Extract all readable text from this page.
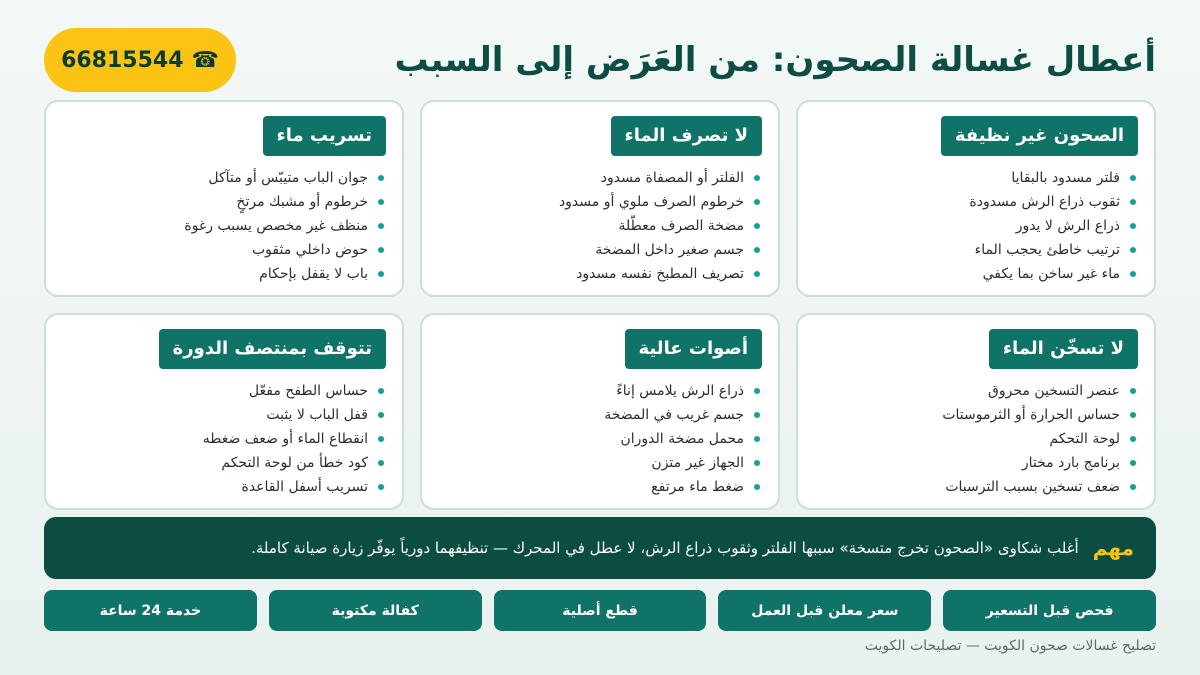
أعطال غسالة الصحون: من العَرَض إلى السبب
☎
66815544
الصحون غير نظيفة
فلتر مسدود بالبقايا
ثقوب ذراع الرش مسدودة
ذراع الرش لا يدور
ترتيب خاطئ يحجب الماء
ماء غير ساخن بما يكفي
لا تصرف الماء
الفلتر أو المصفاة مسدود
خرطوم الصرف ملوي أو مسدود
مضخة الصرف معطّلة
جسم صغير داخل المضخة
تصريف المطبخ نفسه مسدود
تسريب ماء
جوان الباب متيبّس أو متآكل
خرطوم أو مشبك مرتخٍ
منظف غير مخصص يسبب رغوة
حوض داخلي مثقوب
باب لا يقفل بإحكام
لا تسخّن الماء
عنصر التسخين محروق
حساس الحرارة أو الثرموستات
لوحة التحكم
برنامج بارد مختار
ضعف تسخين بسبب الترسبات
أصوات عالية
ذراع الرش يلامس إناءً
جسم غريب في المضخة
محمل مضخة الدوران
الجهاز غير متزن
ضغط ماء مرتفع
تتوقف بمنتصف الدورة
حساس الطفح مفعّل
قفل الباب لا يثبت
انقطاع الماء أو ضعف ضغطه
كود خطأ من لوحة التحكم
تسريب أسفل القاعدة
مهم
أغلب شكاوى «الصحون تخرج متسخة» سببها الفلتر وثقوب ذراع الرش، لا عطل في المحرك — تنظيفهما دورياً يوفّر زيارة صيانة كاملة.
فحص قبل التسعير
سعر معلن قبل العمل
قطع أصلية
كفالة مكتوبة
خدمة 24 ساعة
تصليح غسالات صحون الكويت — تصليحات الكويت
